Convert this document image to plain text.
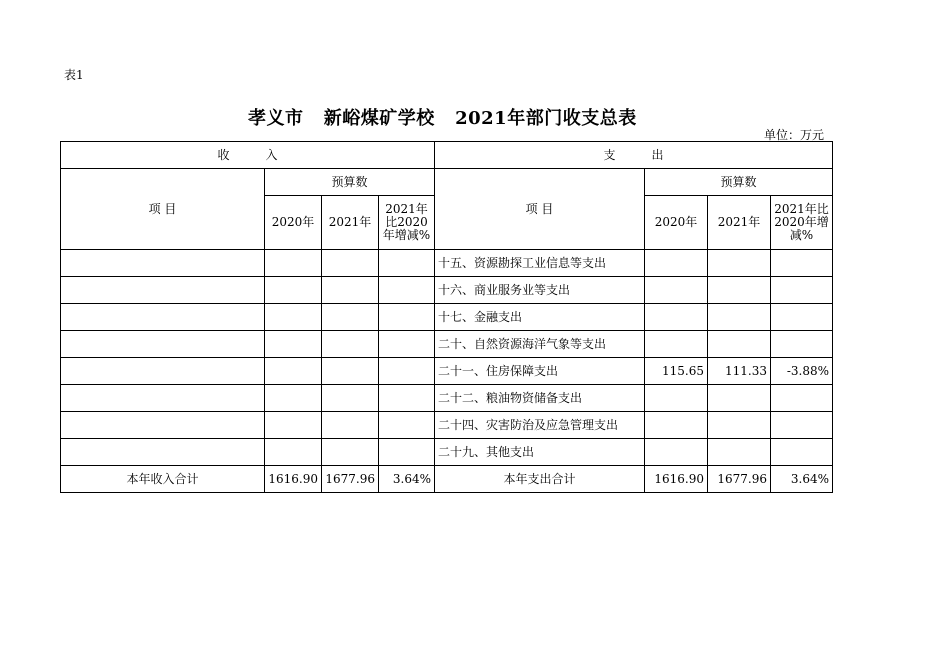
表1
孝义市   新峪煤矿学校   2021年部门收支总表
单位：万元
收　　　入				支　　　出			
项 目	预算数			项 目	预算数		
	2020年	2021年	2021年比2020年增减%		2020年	2021年	2021年比2020年增减%
				十五、资源勘探工业信息等支出			
				十六、商业服务业等支出			
				十七、金融支出			
				二十、自然资源海洋气象等支出			
				二十一、住房保障支出	115.65	111.33	-3.88%
				二十二、粮油物资储备支出			
				二十四、灾害防治及应急管理支出			
				二十九、其他支出			
本年收入合计	1616.90	1677.96	3.64%	本年支出合计	1616.90	1677.96	3.64%
